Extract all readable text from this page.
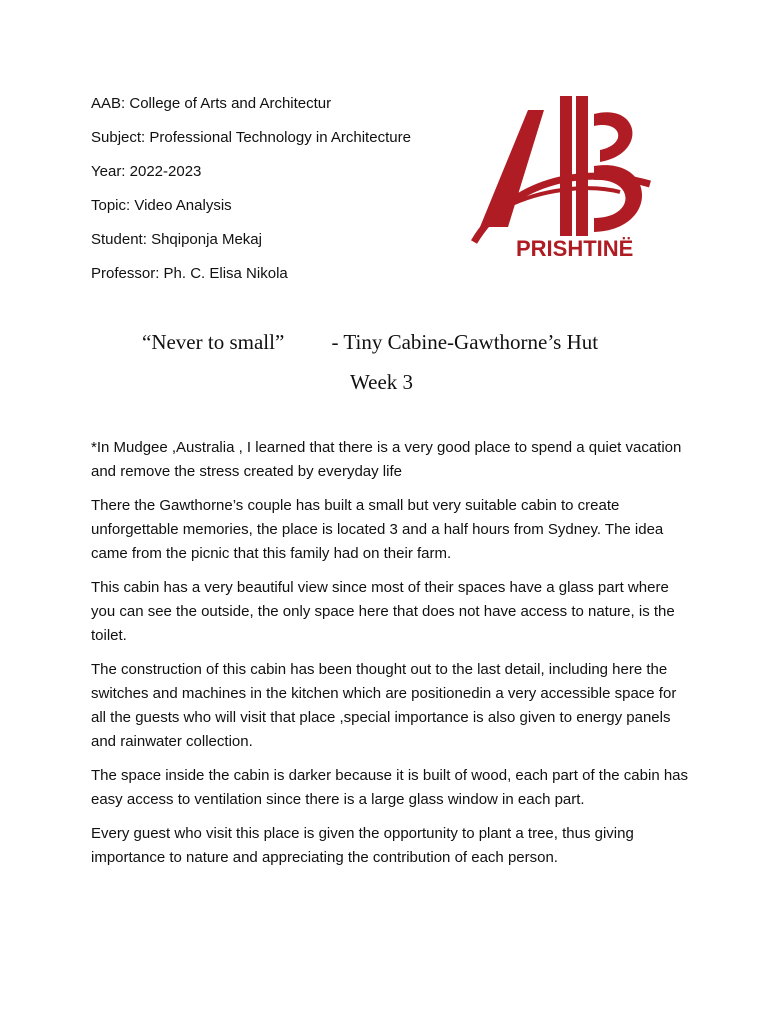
AAB: College of Arts and Architectur
Subject: Professional Technology in Architecture
Year: 2022-2023
Topic: Video Analysis
Student: Shqiponja Mekaj
Professor: Ph. C. Elisa Nikola
PRISHTINË
“Never to small” - Tiny Cabine-Gawthorne’s Hut
Week 3

*In Mudgee ,Australia , I learned that there is a very good place to spend a quiet vacation and remove the stress created by everyday life

There the Gawthorne’s couple has built a small but very suitable cabin to create unforgettable memories, the place is located 3 and a half hours from Sydney. The idea came from the picnic that this family had on their farm.

This cabin has a very beautiful view since most of their spaces have a glass part where you can see the outside, the only space here that does not have access to nature, is the toilet.

The construction of this cabin has been thought out to the last detail, including here the switches and machines in the kitchen which are positionedin a very accessible space for all the guests who will visit that place ,special importance is also given to energy panels and rainwater collection.

The space inside the cabin is darker because it is built of wood, each part of the cabin has easy access to ventilation since there is a large glass window in each part.

Every guest who visit this place is given the opportunity to plant a tree, thus giving importance to nature and appreciating the contribution of each person.
